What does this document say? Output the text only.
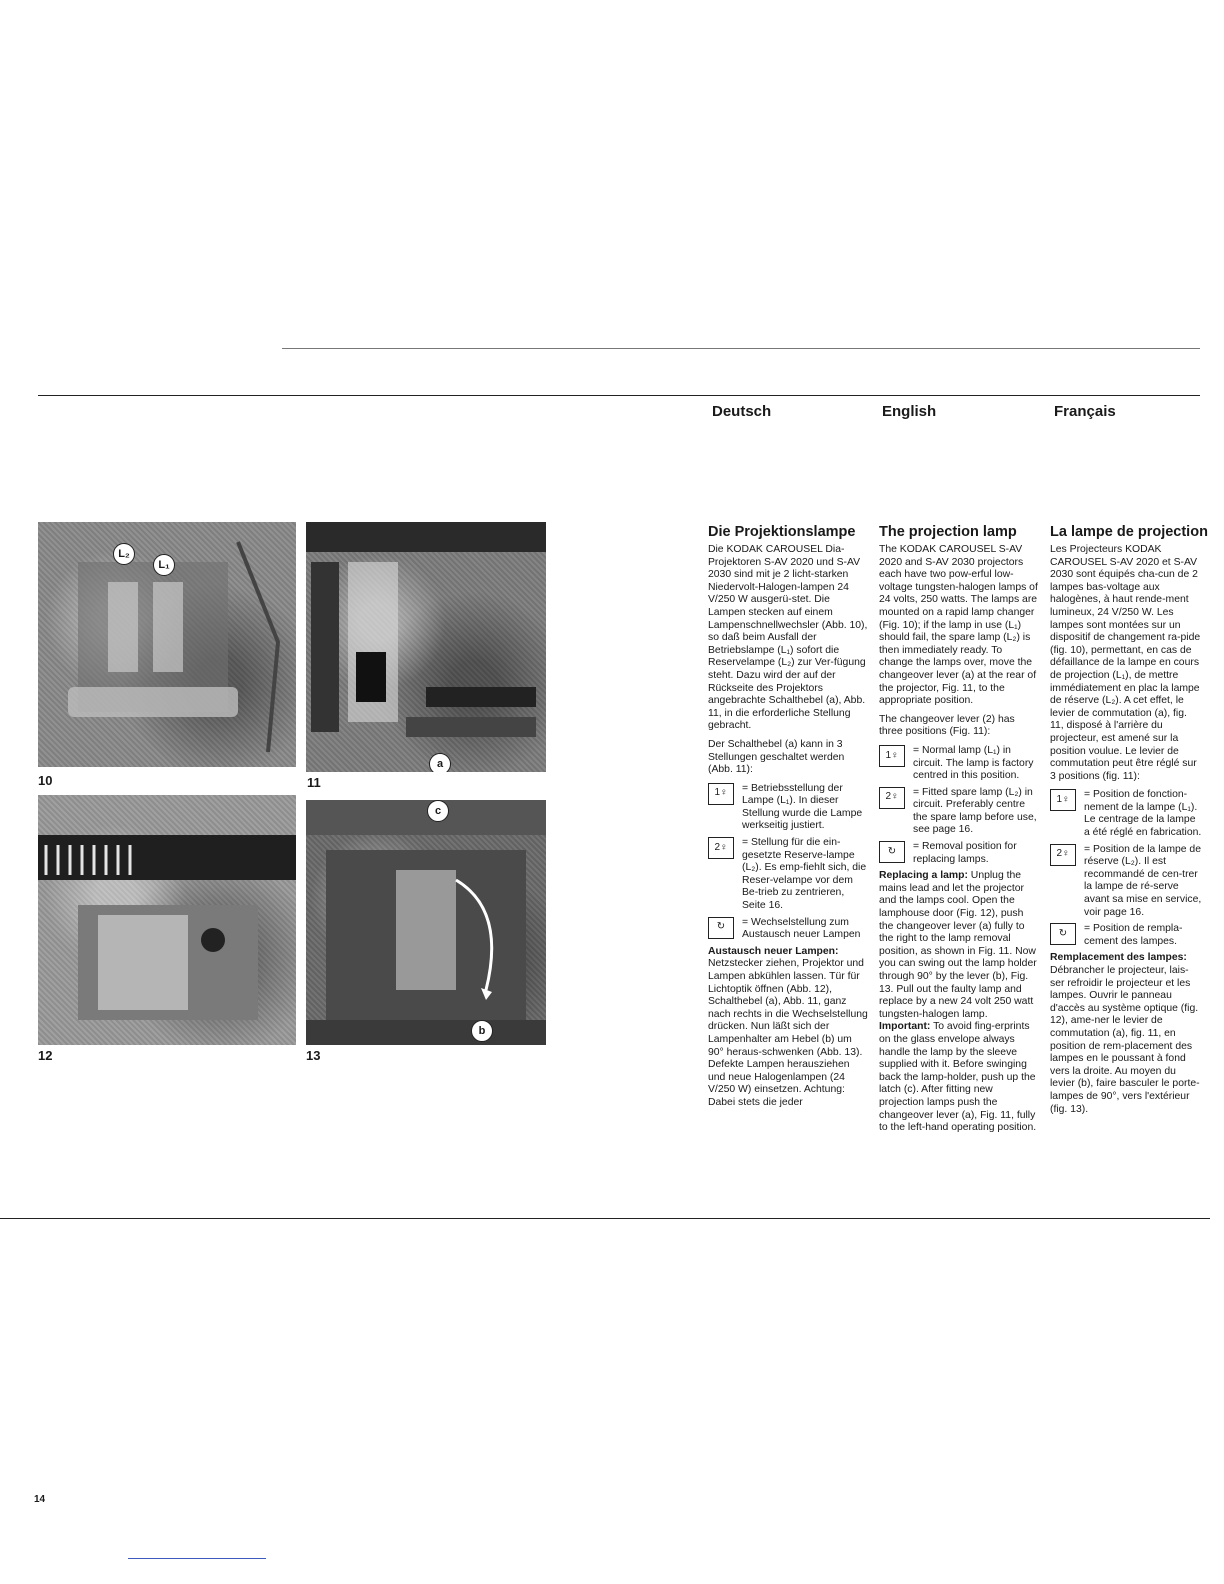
Deutsch	English	Français
L₂
L₁
10
a
11
12
c
b
13
Die Projektionslampe

Die KODAK CAROUSEL Dia-Projektoren S-AV 2020 und S-AV 2030 sind mit je 2 licht-starken Niedervolt-Halogen-lampen 24 V/250 W ausgerü-stet. Die Lampen stecken auf einem Lampenschnellwechsler (Abb. 10), so daß beim Ausfall der Betriebslampe (L₁) sofort die Reservelampe (L₂) zur Ver-fügung steht. Dazu wird der auf der Rückseite des Projektors angebrachte Schalthebel (a), Abb. 11, in die erforderliche Stellung gebracht.

Der Schalthebel (a) kann in 3 Stellungen geschaltet werden (Abb. 11):

1♀	= Betriebsstellung der Lampe (L₁). In dieser Stellung wurde die Lampe werkseitig justiert.
2♀	= Stellung für die ein-gesetzte Reserve-lampe (L₂). Es emp-fiehlt sich, die Reser-velampe vor dem Be-trieb zu zentrieren, Seite 16.
↻	= Wechselstellung zum Austausch neuer Lampen

Austausch neuer Lampen:
Netzstecker ziehen, Projektor und Lampen abkühlen lassen. Tür für Lichtoptik öffnen (Abb. 12), Schalthebel (a), Abb. 11, ganz nach rechts in die Wechselstellung drücken. Nun läßt sich der Lampenhalter am Hebel (b) um 90° heraus-schwenken (Abb. 13). Defekte Lampen herausziehen und neue Halogenlampen (24 V/250 W) einsetzen. Achtung: Dabei stets die jeder

The projection lamp

The KODAK CAROUSEL S-AV 2020 and S-AV 2030 projectors each have two pow-erful low-voltage tungsten-halogen lamps of 24 volts, 250 watts. The lamps are mounted on a rapid lamp changer (Fig. 10); if the lamp in use (L₁) should fail, the spare lamp (L₂) is then immediately ready. To change the lamps over, move the changeover lever (a) at the rear of the projector, Fig. 11, to the appropriate position.

The changeover lever (2) has three positions (Fig. 11):

1♀	= Normal lamp (L₁) in circuit. The lamp is factory centred in this position.
2♀	= Fitted spare lamp (L₂) in circuit. Preferably centre the spare lamp before use, see page 16.
↻	= Removal position for replacing lamps.

Replacing a lamp: Unplug the mains lead and let the projector and the lamps cool. Open the lamphouse door (Fig. 12), push the changeover lever (a) fully to the right to the lamp removal position, as shown in Fig. 11. Now you can swing out the lamp holder through 90° by the lever (b), Fig. 13. Pull out the faulty lamp and replace by a new 24 volt 250 watt tungsten-halogen lamp. Important: To avoid fing-erprints on the glass envelope always handle the lamp by the sleeve supplied with it. Before swinging back the lamp-holder, push up the latch (c). After fitting new projection lamps push the changeover lever (a), Fig. 11, fully to the left-hand operating position.

La lampe de projection

Les Projecteurs KODAK CAROUSEL S-AV 2020 et S-AV 2030 sont équipés cha-cun de 2 lampes bas-voltage aux halogènes, à haut rende-ment lumineux, 24 V/250 W. Les lampes sont montées sur un dispositif de changement ra-pide (fig. 10), permettant, en cas de défaillance de la lampe en cours de projection (L₁), de mettre immédiatement en plac la lampe de réserve (L₂). A cet effet, le levier de commutation (a), fig. 11, disposé à l'arrière du projecteur, est amené sur la position voulue. Le levier de commutation peut être réglé sur 3 positions (fig. 11):

1♀	= Position de fonction-nement de la lampe (L₁). Le centrage de la lampe a été réglé en fabrication.
2♀	= Position de la lampe de réserve (L₂). Il est recommandé de cen-trer la lampe de ré-serve avant sa mise en service, voir page 16.
↻	= Position de rempla-cement des lampes.

Remplacement des lampes:
Débrancher le projecteur, lais-ser refroidir le projecteur et les lampes. Ouvrir le panneau d'accès au système optique (fig. 12), ame-ner le levier de commutation (a), fig. 11, en position de rem-placement des lampes en le poussant à fond vers la droite. Au moyen du levier (b), faire basculer le porte-lampes de 90°, vers l'extérieur (fig. 13).

14
